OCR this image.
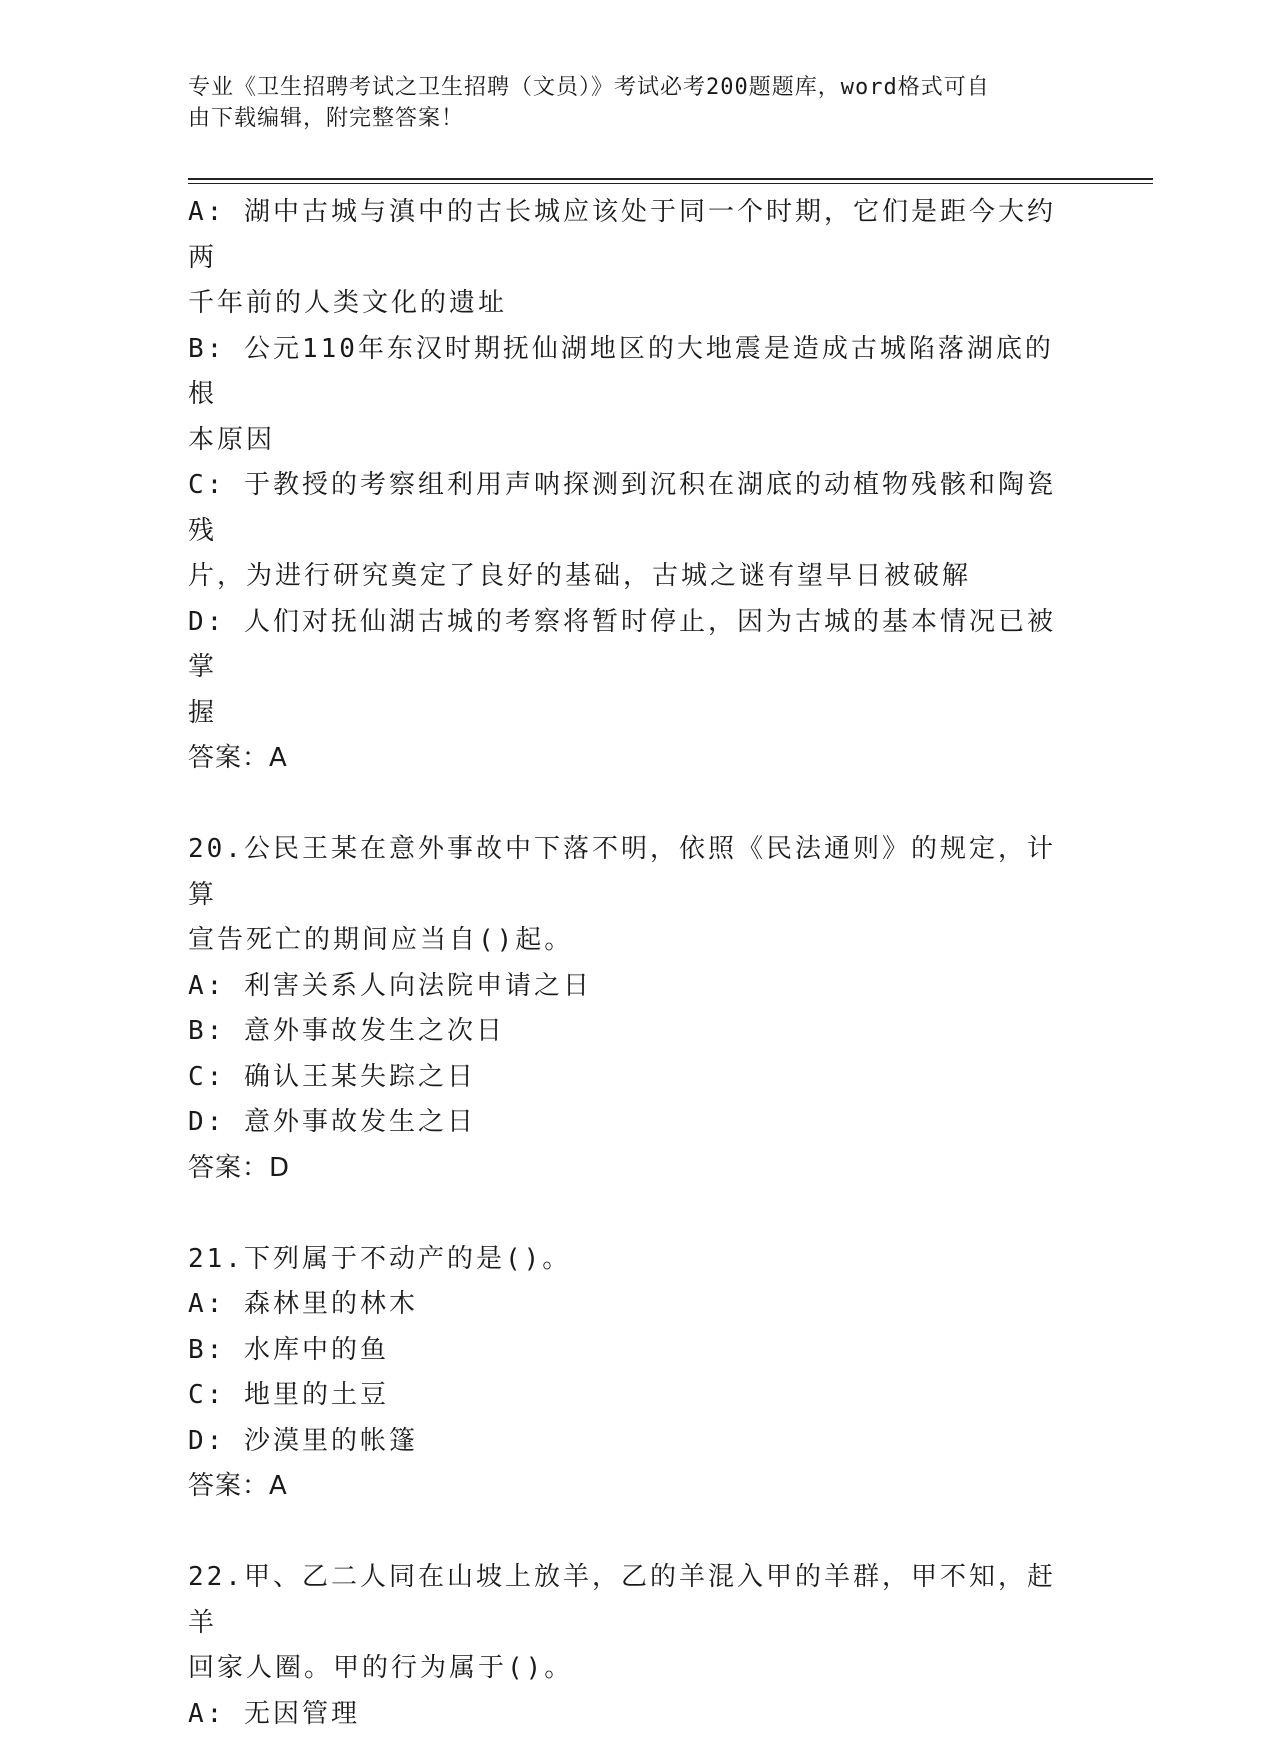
专业《卫生招聘考试之卫生招聘（文员）》考试必考200题题库，word格式可自
由下载编辑，附完整答案！

A: 湖中古城与滇中的古长城应该处于同一个时期，它们是距今大约两

千年前的人类文化的遗址

B: 公元110年东汉时期抚仙湖地区的大地震是造成古城陷落湖底的根

本原因

C: 于教授的考察组利用声呐探测到沉积在湖底的动植物残骸和陶瓷残

片，为进行研究奠定了良好的基础，古城之谜有望早日被破解

D: 人们对抚仙湖古城的考察将暂时停止，因为古城的基本情况已被掌

握

答案：A

20.公民王某在意外事故中下落不明，依照《民法通则》的规定，计算

宣告死亡的期间应当自()起。

A: 利害关系人向法院申请之日

B: 意外事故发生之次日

C: 确认王某失踪之日

D: 意外事故发生之日

答案：D

21.下列属于不动产的是()。

A: 森林里的林木

B: 水库中的鱼

C: 地里的土豆

D: 沙漠里的帐篷

答案：A

22.甲、乙二人同在山坡上放羊，乙的羊混入甲的羊群，甲不知，赶羊

回家人圈。甲的行为属于()。

A: 无因管理
